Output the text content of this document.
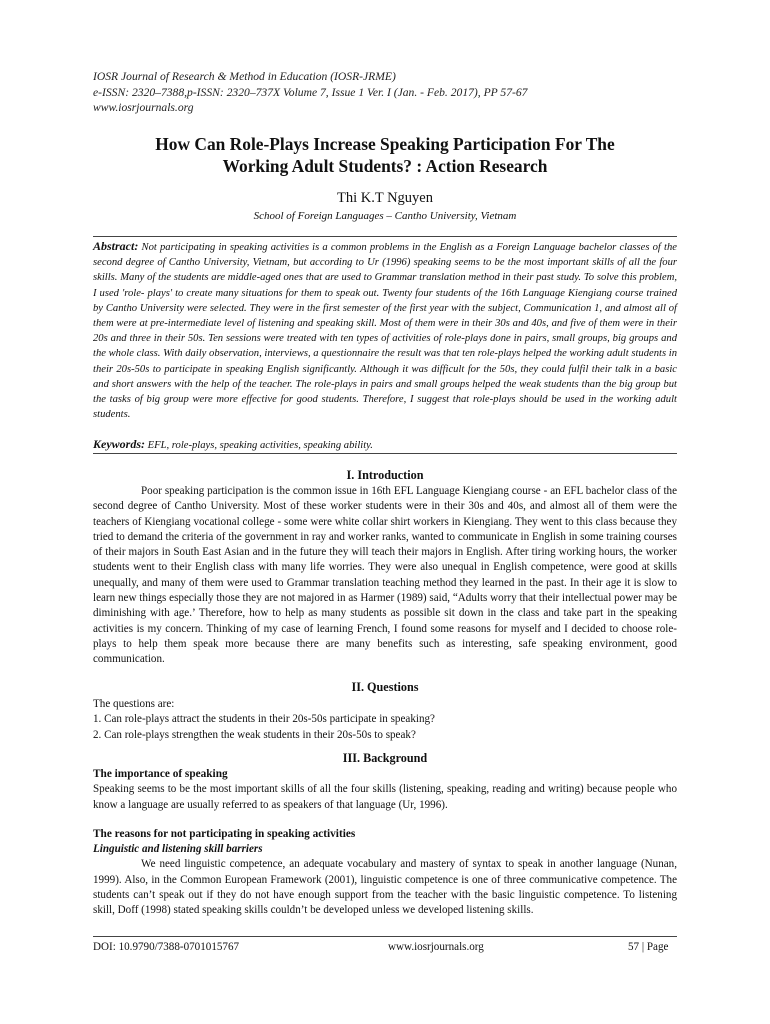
IOSR Journal of Research & Method in Education (IOSR-JRME)
e-ISSN: 2320–7388,p-ISSN: 2320–737X Volume 7, Issue 1 Ver. I (Jan. - Feb. 2017), PP 57-67
www.iosrjournals.org
How Can Role-Plays Increase Speaking Participation For The
Working Adult Students? : Action Research
Thi K.T Nguyen
School of Foreign Languages – Cantho University, Vietnam
Abstract: Not participating in speaking activities is a common problems in the English as a Foreign Language bachelor classes of the second degree of Cantho University, Vietnam, but according to Ur (1996) speaking seems to be the most important skills of all the four skills. Many of the students are middle-aged ones that are used to Grammar translation method in their past study. To solve this problem, I used 'role- plays' to create many situations for them to speak out. Twenty four students of the 16th Language Kiengiang course trained by Cantho University were selected. They were in the first semester of the first year with the subject, Communication 1, and almost all of them were at pre-intermediate level of listening and speaking skill. Most of them were in their 30s and 40s, and five of them were in their 20s and three in their 50s. Ten sessions were treated with ten types of activities of role-plays done in pairs, small groups, big groups and the whole class. With daily observation, interviews, a questionnaire the result was that ten role-plays helped the working adult students in their 20s-50s to participate in speaking English significantly. Although it was difficult for the 50s, they could fulfil their talk in a basic and short answers with the help of the teacher. The role-plays in pairs and small groups helped the weak students than the big group but the tasks of big group were more effective for good students. Therefore, I suggest that role-plays should be used in the working adult students.
Keywords: EFL, role-plays, speaking activities, speaking ability.
I. Introduction

Poor speaking participation is the common issue in 16th EFL Language Kiengiang course - an EFL bachelor class of the second degree of Cantho University. Most of these worker students were in their 30s and 40s, and almost all of them were the teachers of Kiengiang vocational college - some were white collar shirt workers in Kiengiang. They went to this class because they tried to demand the criteria of the government in ray and worker ranks, wanted to communicate in English in some training courses of their majors in South East Asian and in the future they will teach their majors in English. After tiring working hours, the worker students went to their English class with many life worries. They were also unequal in English competence, were good at skills unequally, and many of them were used to Grammar translation teaching method they learned in the past. In their age it is slow to learn new things especially those they are not majored in as Harmer (1989) said, “Adults worry that their intellectual power may be diminishing with age.’ Therefore, how to help as many students as possible sit down in the class and take part in the speaking activities is my concern. Thinking of my case of learning French, I found some reasons for myself and I decided to choose role-plays to help them speak more because there are many benefits such as interesting, safe speaking environment, good communication.

II. Questions

The questions are:

1. Can role-plays attract the students in their 20s-50s participate in speaking?

2. Can role-plays strengthen the weak students in their 20s-50s to speak?

III. Background

The importance of speaking

Speaking seems to be the most important skills of all the four skills (listening, speaking, reading and writing) because people who know a language are usually referred to as speakers of that language (Ur, 1996).

The reasons for not participating in speaking activities

Linguistic and listening skill barriers

We need linguistic competence, an adequate vocabulary and mastery of syntax to speak in another language (Nunan, 1999). Also, in the Common European Framework (2001), linguistic competence is one of three communicative competence. The students can’t speak out if they do not have enough support from the teacher with the basic linguistic competence. To listening skill, Doff (1998) stated speaking skills couldn’t be developed unless we developed listening skills.

DOI: 10.9790/7388-0701015767	www.iosrjournals.org	57 | Page
